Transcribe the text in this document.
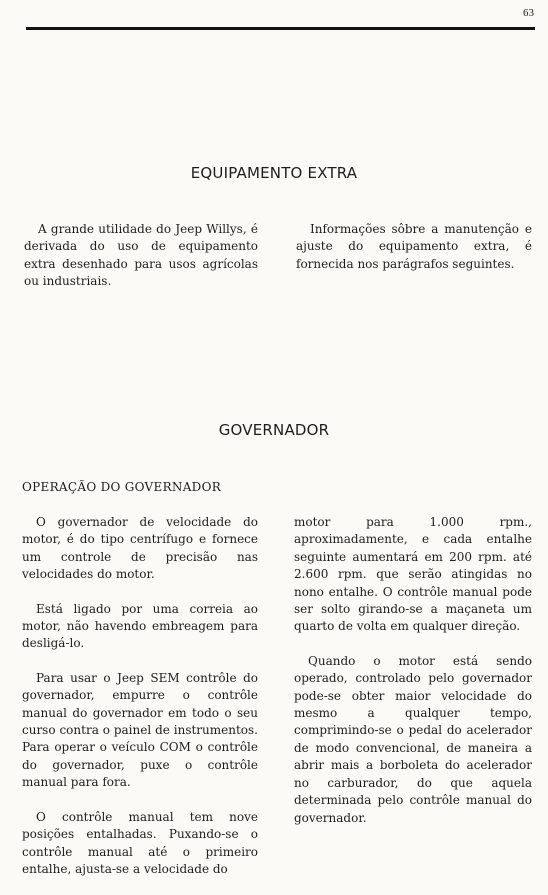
63
EQUIPAMENTO EXTRA

A grande utilidade do Jeep Willys, é derivada do uso de equipamento extra desenhado para usos agrícolas ou industriais.

Informações sôbre a manutenção e ajuste do equipamento extra, é fornecida nos parágrafos seguintes.

GOVERNADOR
OPERAÇÃO DO GOVERNADOR

O governador de velocidade do motor, é do tipo centrífugo e fornece um controle de precisão nas velocidades do motor.

Está ligado por uma correia ao motor, não havendo embreagem para desligá-lo.

Para usar o Jeep SEM contrôle do governador, empurre o contrôle manual do governador em todo o seu curso contra o painel de instrumentos. Para operar o veículo COM o contrôle do governador, puxe o contrôle manual para fora.

O contrôle manual tem nove posições entalhadas. Puxando-se o contrôle manual até o primeiro entalhe, ajusta-se a velocidade do

motor para 1.000 rpm., aproximadamente, e cada entalhe seguinte aumentará em 200 rpm. até 2.600 rpm. que serão atingidas no nono entalhe. O contrôle manual pode ser solto girando-se a maçaneta um quarto de volta em qualquer direção.

Quando o motor está sendo operado, controlado pelo governador pode-se obter maior velocidade do mesmo a qualquer tempo, comprimindo-se o pedal do acelerador de modo convencional, de maneira a abrir mais a borboleta do acelerador no carburador, do que aquela determinada pelo contrôle manual do governador.
